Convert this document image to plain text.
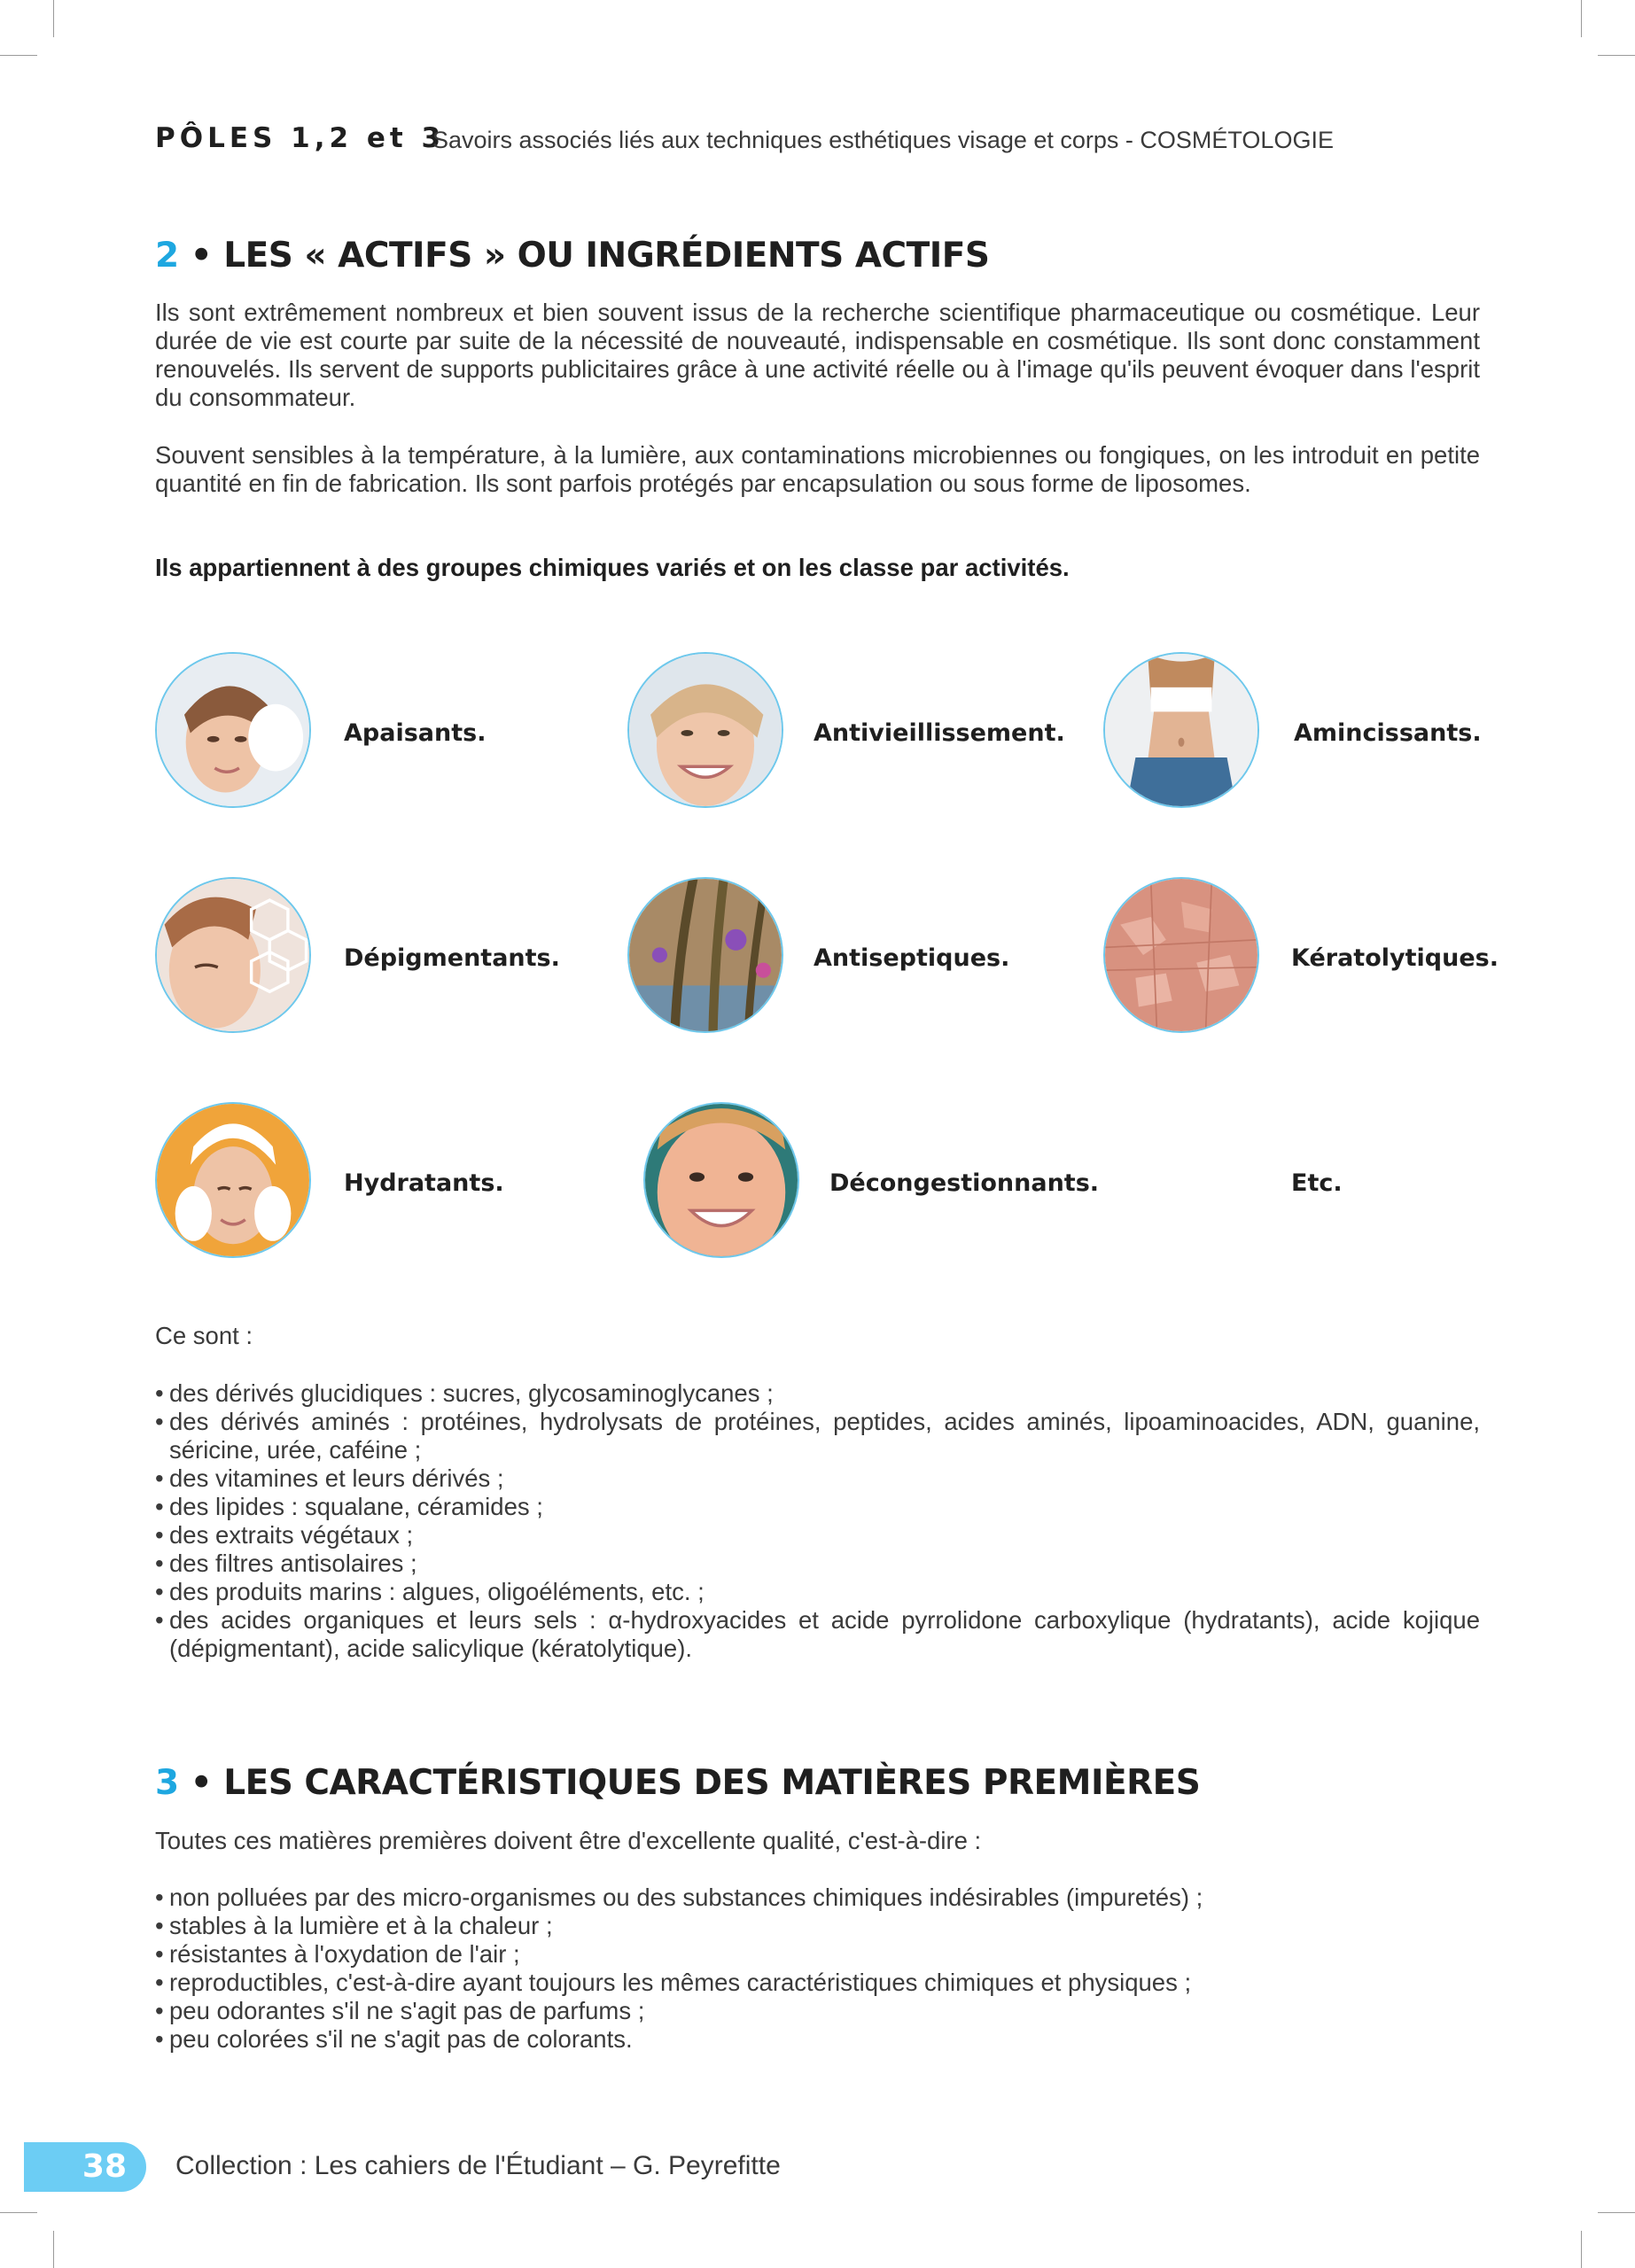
PÔLES 1,2 et 3
Savoirs associés liés aux techniques esthétiques visage et corps - COSMÉTOLOGIE
2 • LES « ACTIFS » OU INGRÉDIENTS ACTIFS
Ils sont extrêmement nombreux et bien souvent issus de la recherche scientifique pharmaceutique ou cosmétique. Leur durée de vie est courte par suite de la nécessité de nouveauté, indispensable en cosmétique. Ils sont donc constamment renouvelés. Ils servent de supports publicitaires grâce à une activité réelle ou à l'image qu'ils peuvent évoquer dans l'esprit du consommateur.
Souvent sensibles à la température, à la lumière, aux contaminations microbiennes ou fongiques, on les introduit en petite quantité en fin de fabrication. Ils sont parfois protégés par encapsulation ou sous forme de liposomes.
Ils appartiennent à des groupes chimiques variés et on les classe par activités.
Apaisants.	Antivieillissement.	Amincissants.
Dépigmentants.	Antiseptiques.	Kératolytiques.
Hydratants.	Décongestionnants.	Etc.
Ce sont :
• des dérivés glucidiques : sucres, glycosaminoglycanes ;
• des dérivés aminés : protéines, hydrolysats de protéines, peptides, acides aminés, lipoaminoacides, ADN, guanine, séricine, urée, caféine ;
• des vitamines et leurs dérivés ;
• des lipides : squalane, céramides ;
• des extraits végétaux ;
• des filtres antisolaires ;
• des produits marins : algues, oligoéléments, etc. ;
• des acides organiques et leurs sels : α-hydroxyacides et acide pyrrolidone carboxylique (hydratants), acide kojique (dépigmentant), acide salicylique (kératolytique).
3 • LES CARACTÉRISTIQUES DES MATIÈRES PREMIÈRES
Toutes ces matières premières doivent être d'excellente qualité, c'est-à-dire :
• non polluées par des micro-organismes ou des substances chimiques indésirables (impuretés) ;
• stables à la lumière et à la chaleur ;
• résistantes à l'oxydation de l'air ;
• reproductibles, c'est-à-dire ayant toujours les mêmes caractéristiques chimiques et physiques ;
• peu odorantes s'il ne s'agit pas de parfums ;
• peu colorées s'il ne s'agit pas de colorants.
38 Collection : Les cahiers de l'Étudiant – G. Peyrefitte
